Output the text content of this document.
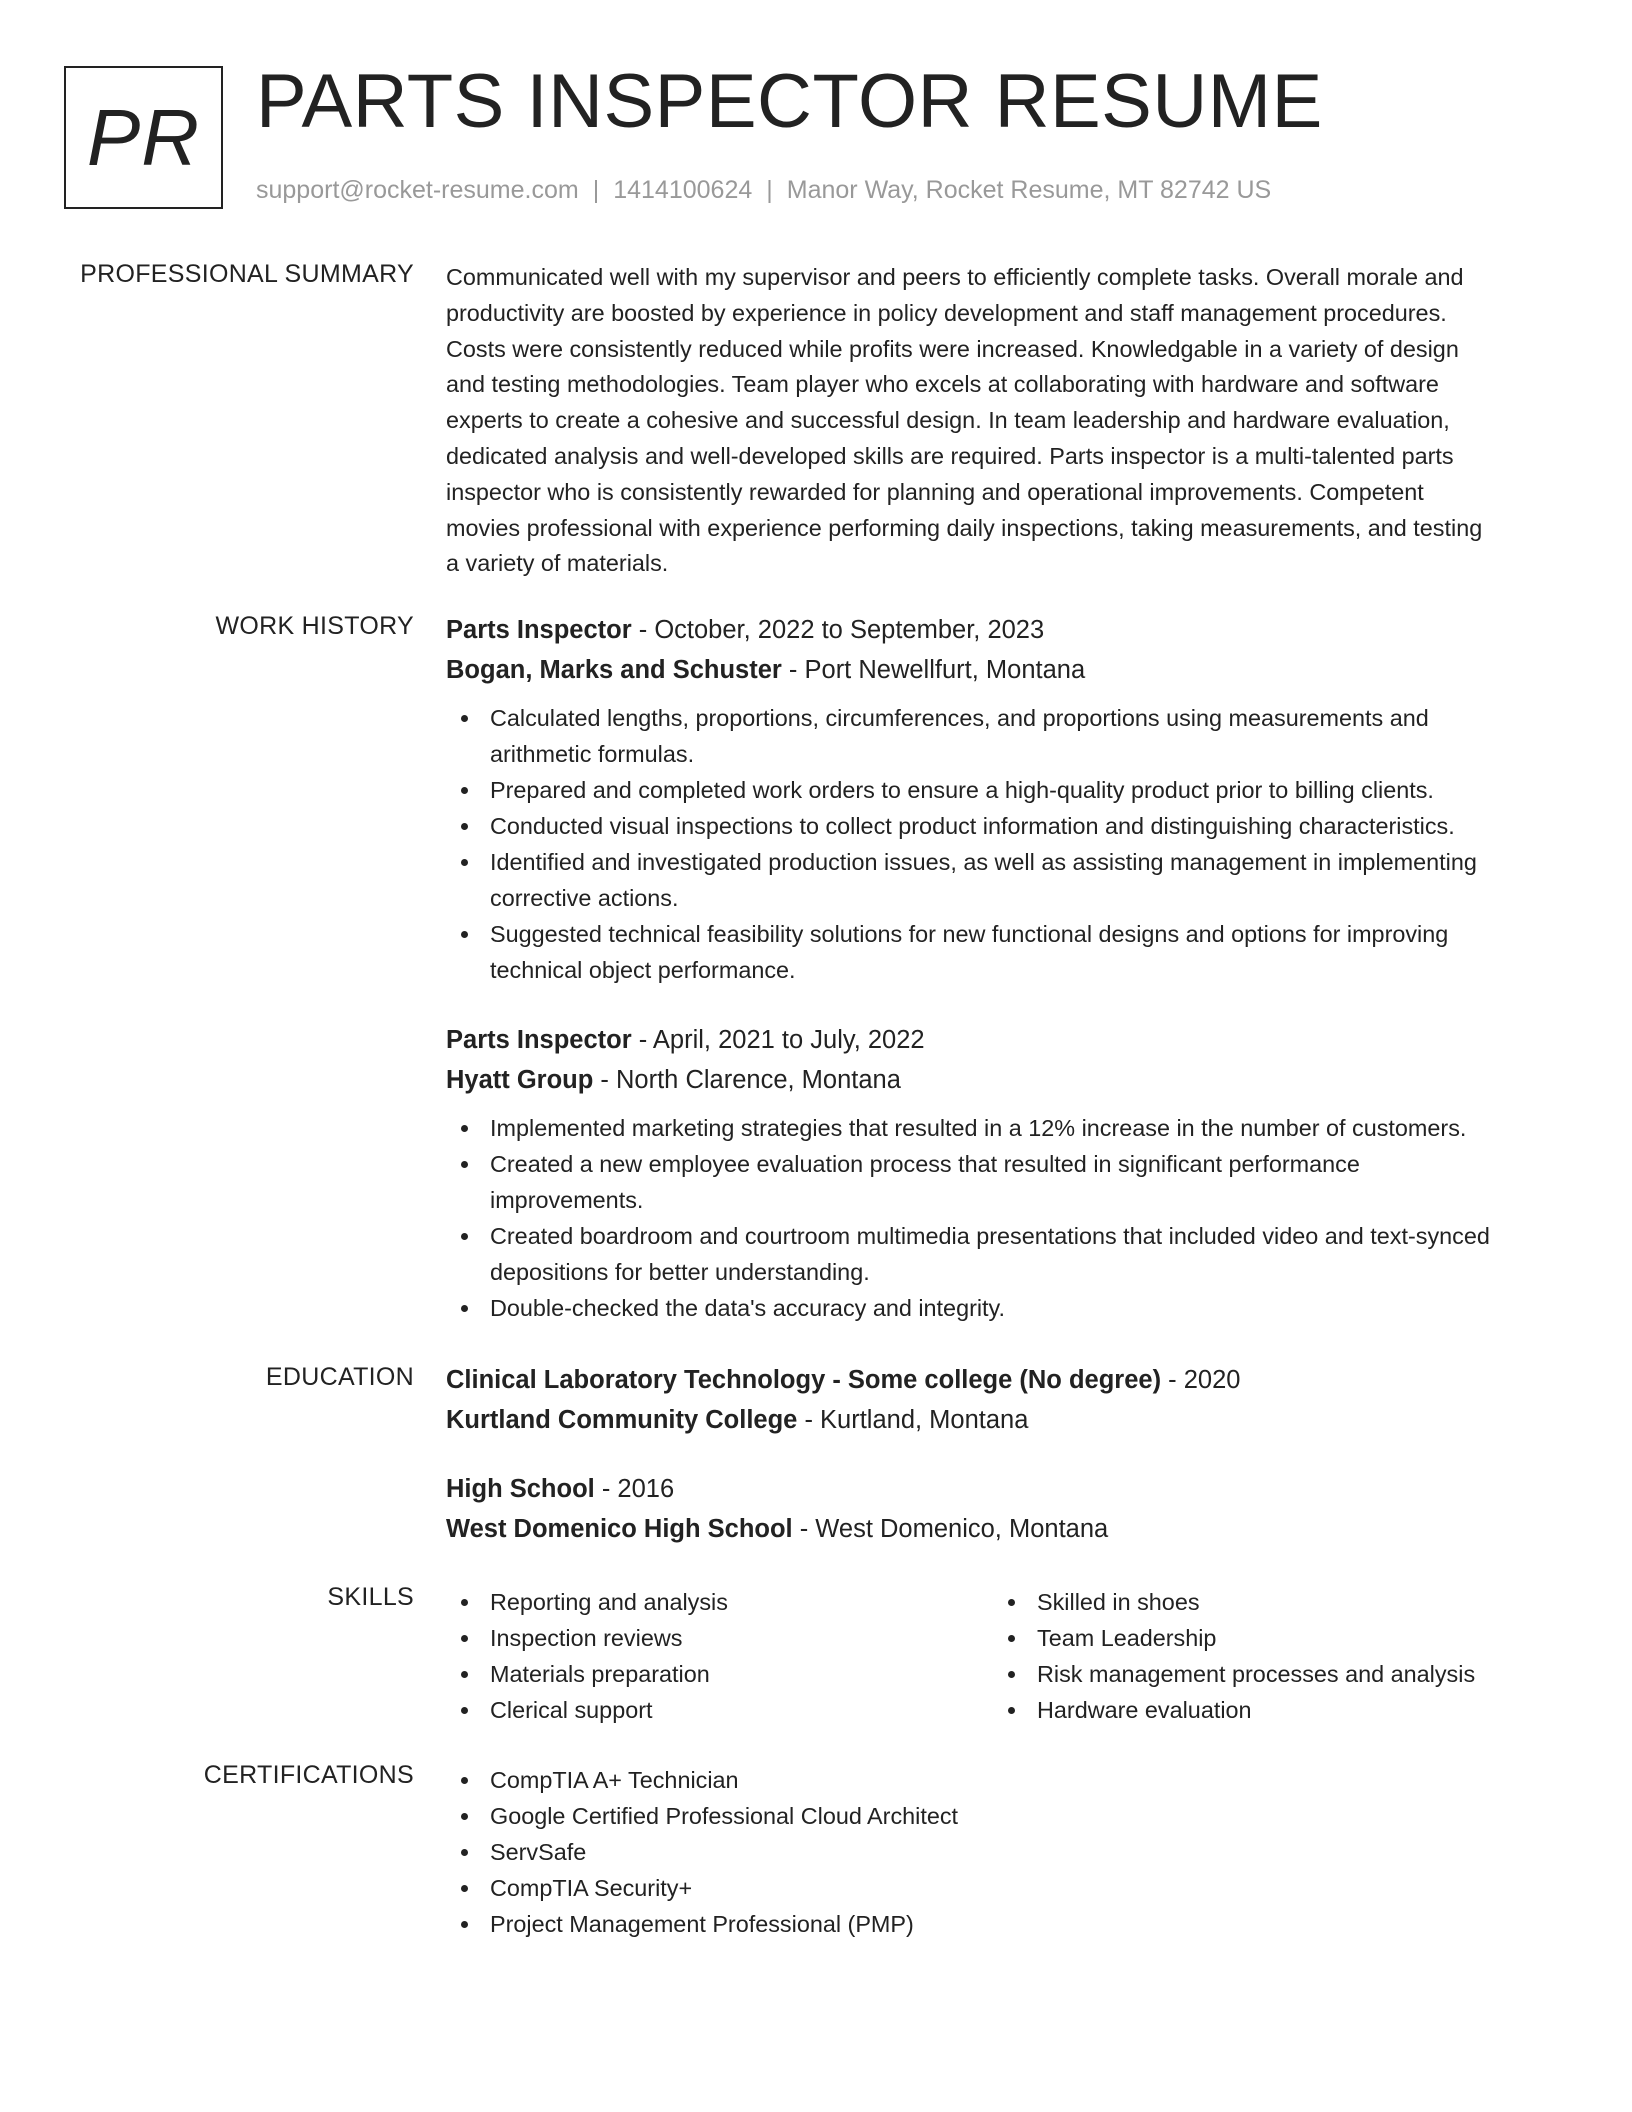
PR PARTS INSPECTOR RESUME
support@rocket-resume.com | 1414100624 | Manor Way, Rocket Resume, MT 82742 US
PROFESSIONAL SUMMARY Communicated well with my supervisor and peers to efficiently complete tasks. Overall morale and
productivity are boosted by experience in policy development and staff management procedures.
Costs were consistently reduced while profits were increased. Knowledgable in a variety of design
and testing methodologies. Team player who excels at collaborating with hardware and software
experts to create a cohesive and successful design. In team leadership and hardware evaluation,
dedicated analysis and well-developed skills are required. Parts inspector is a multi-talented parts
inspector who is consistently rewarded for planning and operational improvements. Competent
movies professional with experience performing daily inspections, taking measurements, and testing
a variety of materials.
WORK HISTORY Parts Inspector - October, 2022 to September, 2023
Bogan, Marks and Schuster - Port Newellfurt, Montana
Calculated lengths, proportions, circumferences, and proportions using measurements and
arithmetic formulas.
Prepared and completed work orders to ensure a high-quality product prior to billing clients.
Conducted visual inspections to collect product information and distinguishing characteristics.
Identified and investigated production issues, as well as assisting management in implementing
corrective actions.
Suggested technical feasibility solutions for new functional designs and options for improving
technical object performance.
Parts Inspector - April, 2021 to July, 2022
Hyatt Group - North Clarence, Montana
Implemented marketing strategies that resulted in a 12% increase in the number of customers.
Created a new employee evaluation process that resulted in significant performance
improvements.
Created boardroom and courtroom multimedia presentations that included video and text-synced
depositions for better understanding.
Double-checked the data's accuracy and integrity.
EDUCATION Clinical Laboratory Technology - Some college (No degree) - 2020
Kurtland Community College - Kurtland, Montana
High School - 2016
West Domenico High School - West Domenico, Montana
SKILLS	Reporting and analysis
Inspection reviews
Materials preparation
Clerical support
Skilled in shoes
Team Leadership
Risk management processes and analysis
Hardware evaluation
CERTIFICATIONS	CompTIA A+ Technician
Google Certified Professional Cloud Architect
ServSafe
CompTIA Security+
Project Management Professional (PMP)
